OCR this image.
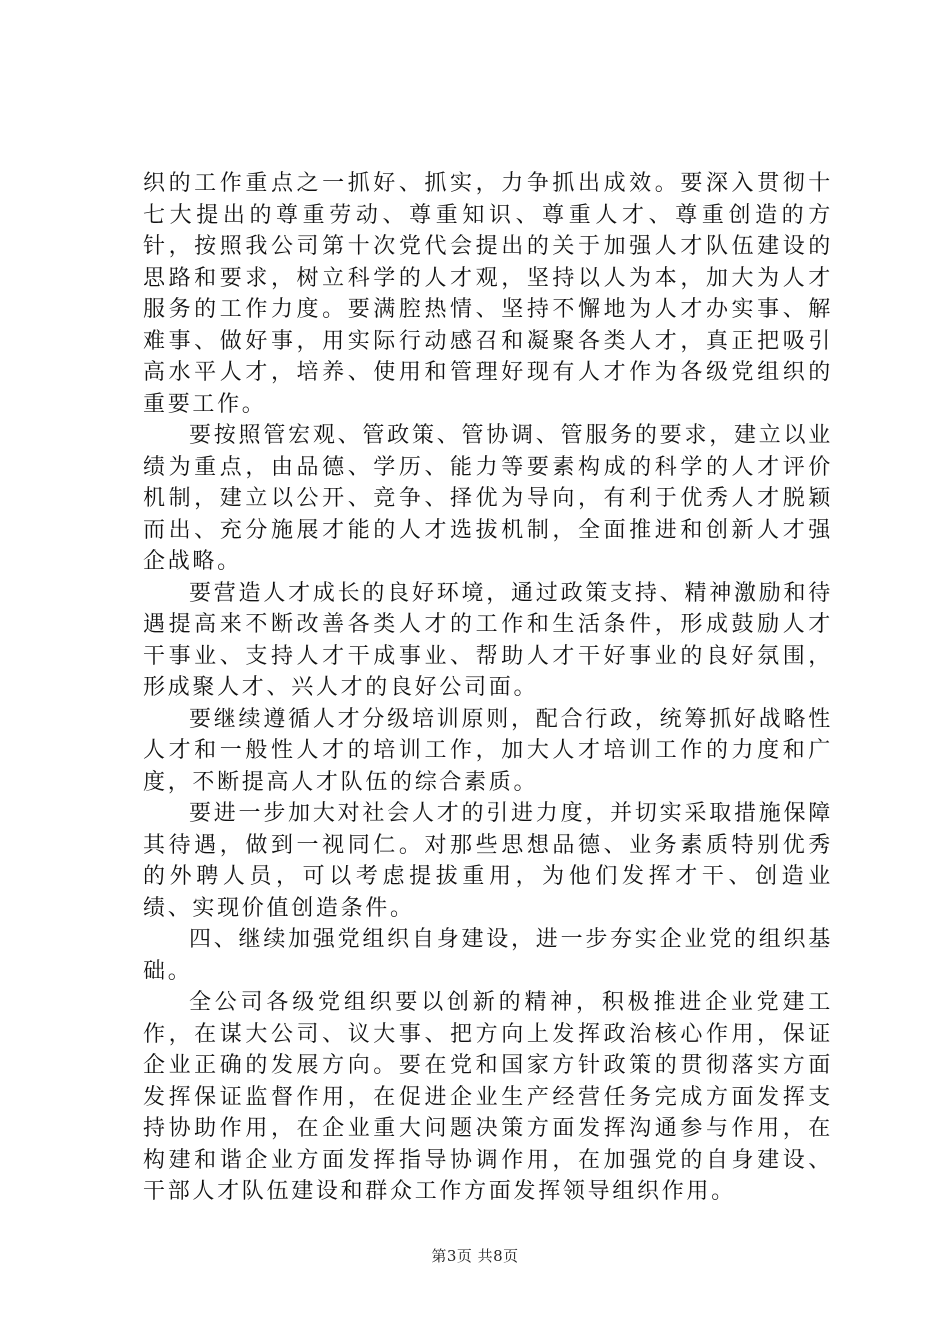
织的工作重点之一抓好、抓实，力争抓出成效。要深入贯彻十七大提出的尊重劳动、尊重知识、尊重人才、尊重创造的方针，按照我公司第十次党代会提出的关于加强人才队伍建设的思路和要求，树立科学的人才观，坚持以人为本，加大为人才服务的工作力度。要满腔热情、坚持不懈地为人才办实事、解难事、做好事，用实际行动感召和凝聚各类人才，真正把吸引高水平人才，培养、使用和管理好现有人才作为各级党组织的重要工作。

要按照管宏观、管政策、管协调、管服务的要求，建立以业绩为重点，由品德、学历、能力等要素构成的科学的人才评价机制，建立以公开、竞争、择优为导向，有利于优秀人才脱颖而出、充分施展才能的人才选拔机制，全面推进和创新人才强企战略。

要营造人才成长的良好环境，通过政策支持、精神激励和待遇提高来不断改善各类人才的工作和生活条件，形成鼓励人才干事业、支持人才干成事业、帮助人才干好事业的良好氛围，形成聚人才、兴人才的良好公司面。

要继续遵循人才分级培训原则，配合行政，统筹抓好战略性人才和一般性人才的培训工作，加大人才培训工作的力度和广度，不断提高人才队伍的综合素质。

要进一步加大对社会人才的引进力度，并切实采取措施保障其待遇，做到一视同仁。对那些思想品德、业务素质特别优秀的外聘人员，可以考虑提拔重用，为他们发挥才干、创造业绩、实现价值创造条件。

四、继续加强党组织自身建设，进一步夯实企业党的组织基础。

全公司各级党组织要以创新的精神，积极推进企业党建工作，在谋大公司、议大事、把方向上发挥政治核心作用，保证企业正确的发展方向。要在党和国家方针政策的贯彻落实方面发挥保证监督作用，在促进企业生产经营任务完成方面发挥支持协助作用，在企业重大问题决策方面发挥沟通参与作用，在构建和谐企业方面发挥指导协调作用，在加强党的自身建设、干部人才队伍建设和群众工作方面发挥领导组织作用。

第3页 共8页
